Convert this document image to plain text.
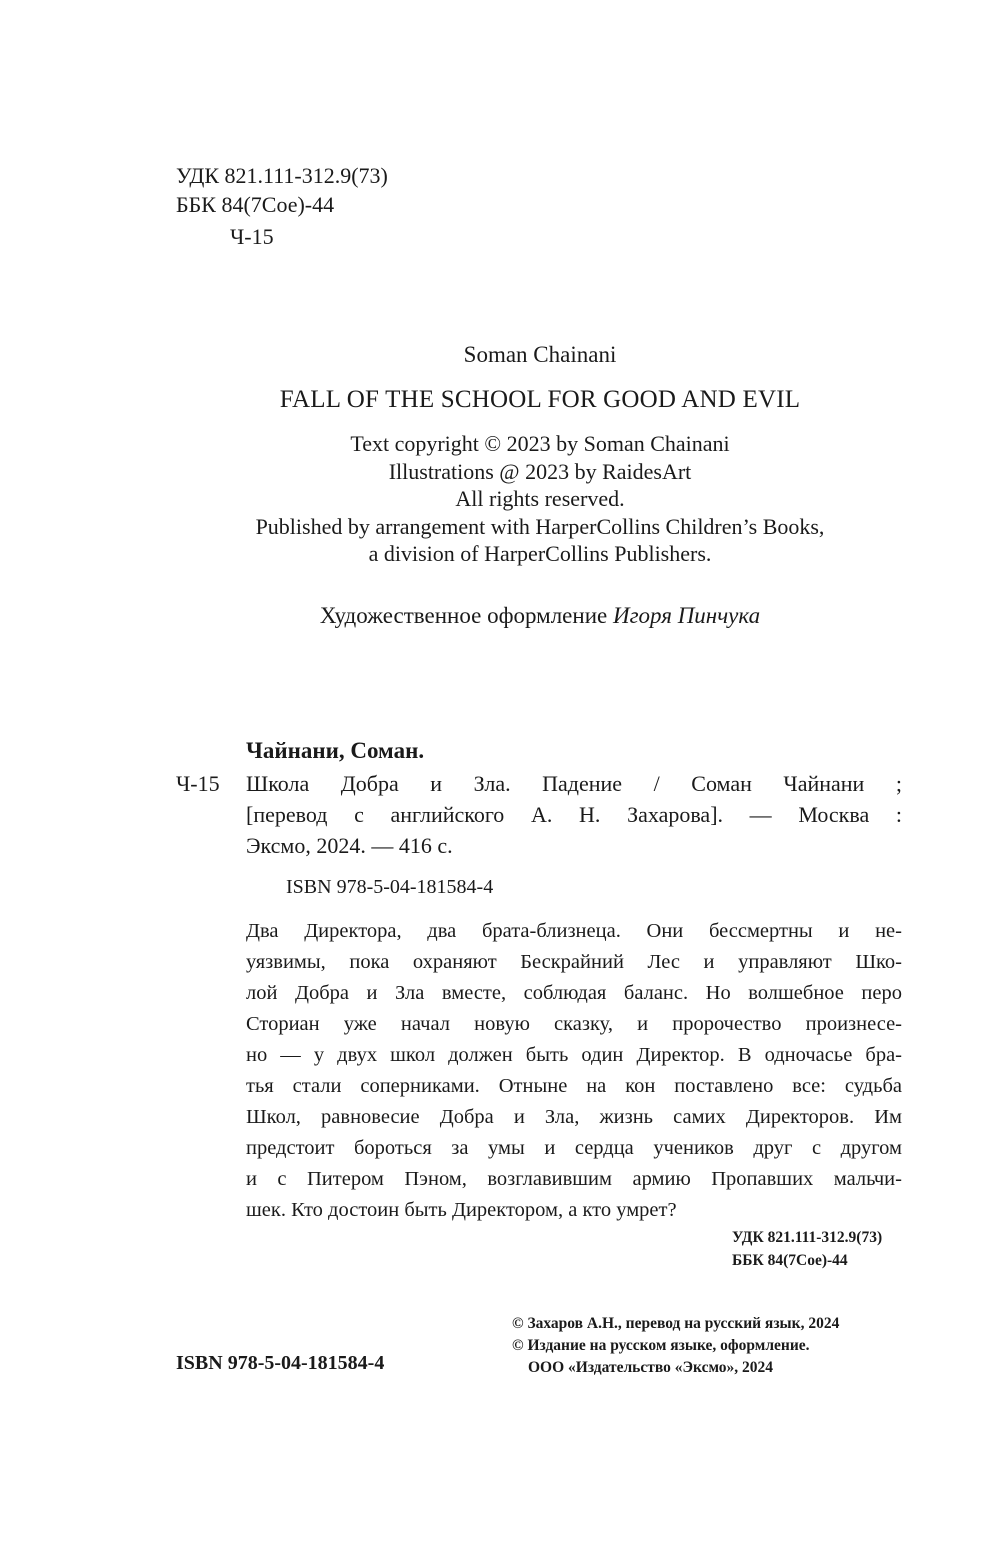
УДК 821.111-312.9(73)
ББК 84(7Сое)-44
Ч-15
Soman Chainani
FALL OF THE SCHOOL FOR GOOD AND EVIL
Text copyright © 2023 by Soman Chainani
Illustrations @ 2023 by RaidesArt
All rights reserved.
Published by arrangement with HarperCollins Children’s Books,
a division of HarperCollins Publishers.
Художественное оформление Игоря Пинчука
Чайнани, Соман.
Ч-15 Школа Добра и Зла. Падение / Соман Чайнани ;
[перевод с английского А. Н. Захарова]. — Москва :
Эксмо, 2024. — 416 с.
ISBN 978-5-04-181584-4
Два Директора, два брата-близнеца. Они бессмертны и не-
уязвимы, пока охраняют Бескрайний Лес и управляют Шко-
лой Добра и Зла вместе, соблюдая баланс. Но волшебное перо
Сториан уже начал новую сказку, и пророчество произнесе-
но — у двух школ должен быть один Директор. В одночасье бра-
тья стали соперниками. Отныне на кон поставлено все: судьба
Школ, равновесие Добра и Зла, жизнь самих Директоров. Им
предстоит бороться за умы и сердца учеников друг с другом
и с Питером Пэном, возглавившим армию Пропавших мальчи-
шек. Кто достоин быть Директором, а кто умрет?
УДК 821.111-312.9(73)
ББК 84(7Сое)-44
ISBN 978-5-04-181584-4
© Захаров А.Н., перевод на русский язык, 2024
© Издание на русском языке, оформление.
ООО «Издательство «Эксмо», 2024
